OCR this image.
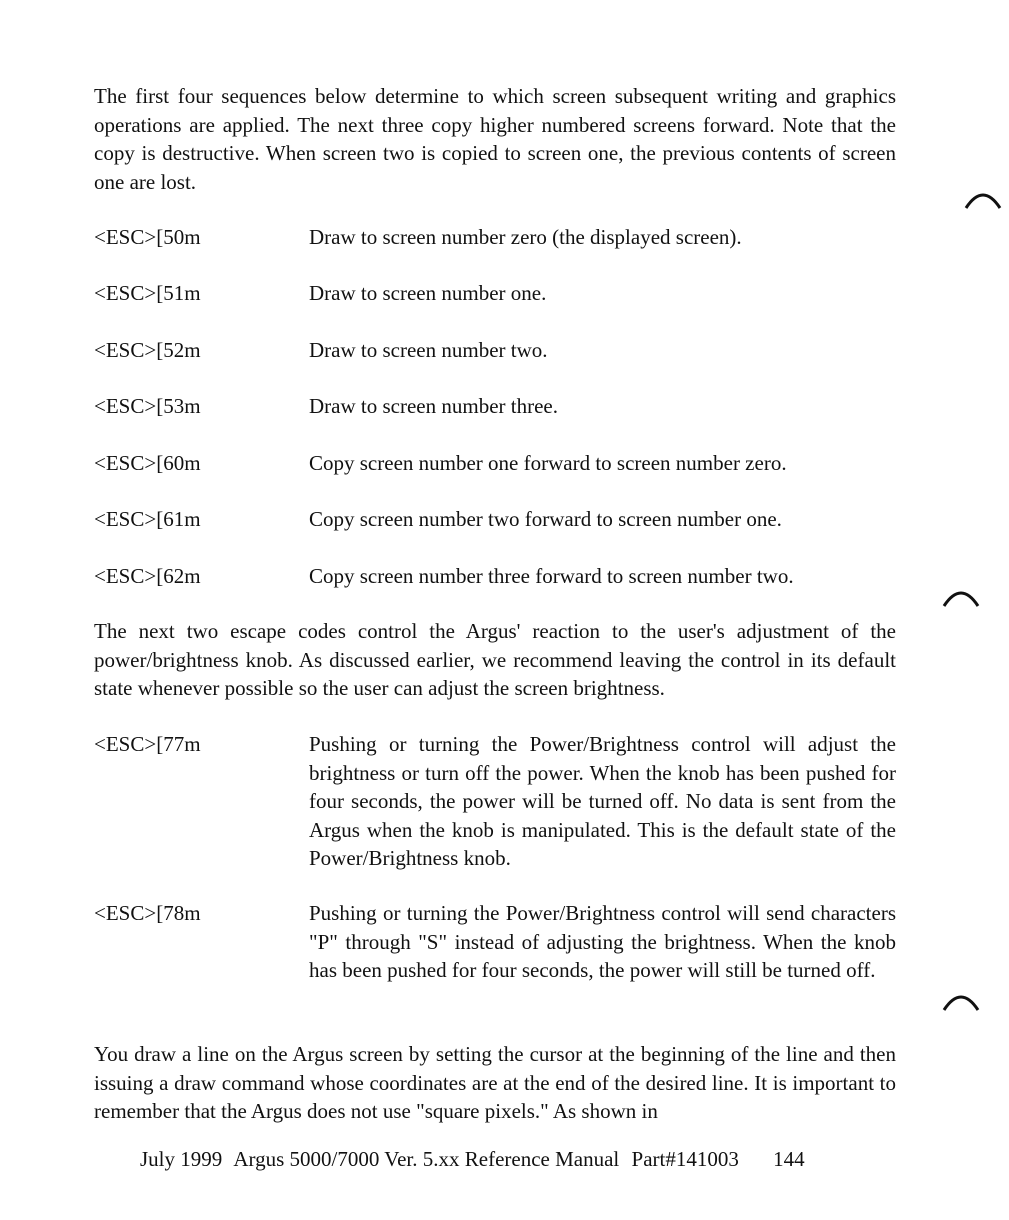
The first four sequences below determine to which screen subsequent writing and graphics operations are applied. The next three copy higher numbered screens forward. Note that the copy is destructive. When screen two is copied to screen one, the previous contents of screen one are lost.

<ESC>[50m	Draw to screen number zero (the displayed screen).
<ESC>[51m	Draw to screen number one.
<ESC>[52m	Draw to screen number two.
<ESC>[53m	Draw to screen number three.
<ESC>[60m	Copy screen number one forward to screen number zero.
<ESC>[61m	Copy screen number two forward to screen number one.
<ESC>[62m	Copy screen number three forward to screen number two.

The next two escape codes control the Argus' reaction to the user's adjustment of the power/brightness knob. As discussed earlier, we recommend leaving the control in its default state whenever possible so the user can adjust the screen brightness.

<ESC>[77m	Pushing or turning the Power/Brightness control will adjust the brightness or turn off the power. When the knob has been pushed for four seconds, the power will be turned off. No data is sent from the Argus when the knob is manipulated. This is the default state of the Power/Brightness knob.
<ESC>[78m	Pushing or turning the Power/Brightness control will send characters "P" through "S" instead of adjusting the brightness. When the knob has been pushed for four seconds, the power will still be turned off.

You draw a line on the Argus screen by setting the cursor at the beginning of the line and then issuing a draw command whose coordinates are at the end of the desired line. It is important to remember that the Argus does not use "square pixels." As shown in

July 1999 Argus 5000/7000 Ver. 5.xx Reference Manual Part#141003 144
